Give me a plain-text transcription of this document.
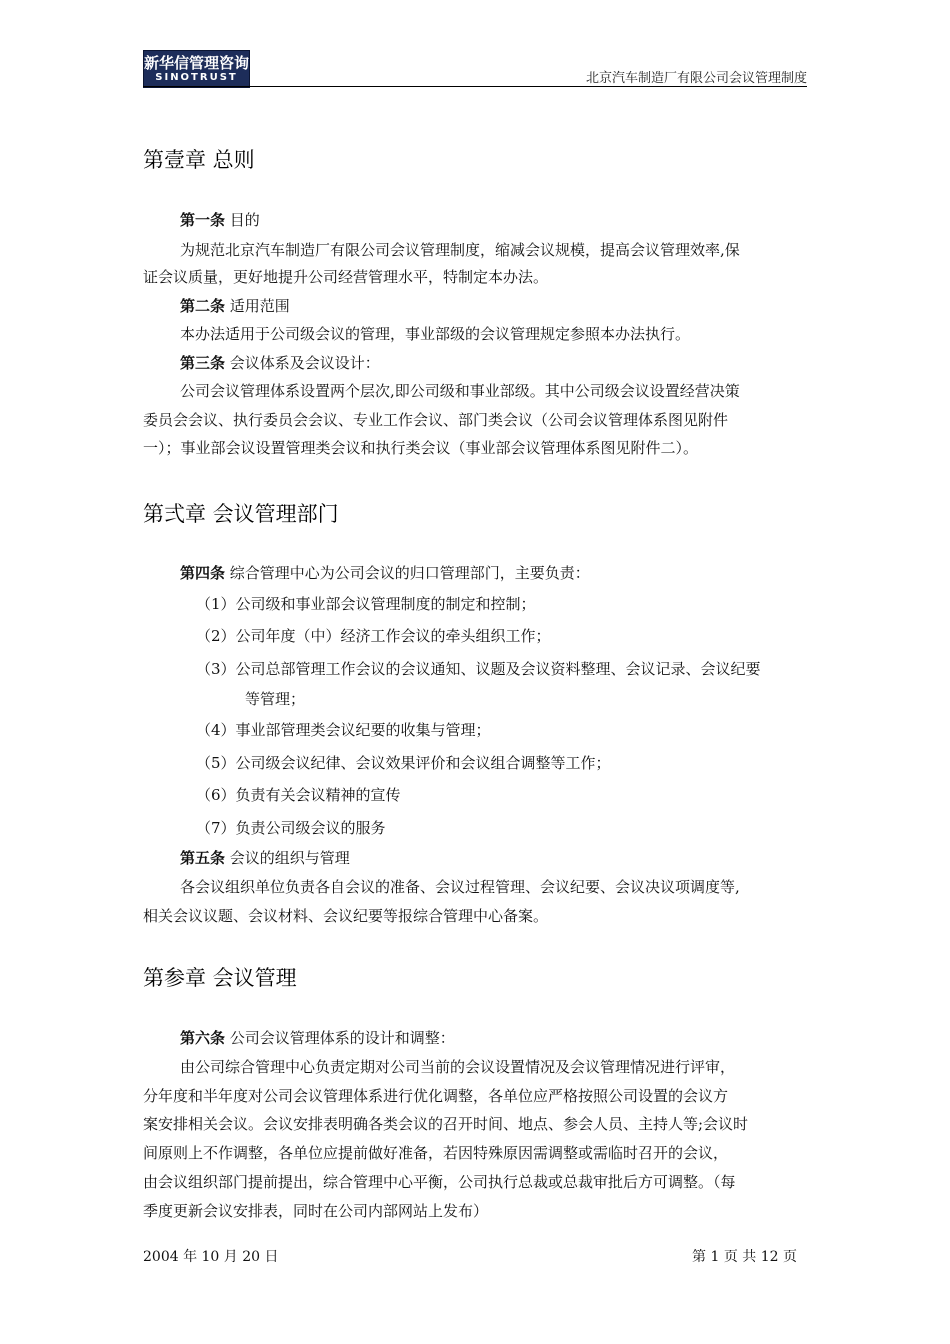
新华信管理咨询
SINOTRUST	北京汽车制造厂有限公司会议管理制度
第壹章 总则
第一条 目的
为规范北京汽车制造厂有限公司会议管理制度，缩减会议规模，提高会议管理效率,保
证会议质量，更好地提升公司经营管理水平，特制定本办法。
第二条 适用范围
本办法适用于公司级会议的管理，事业部级的会议管理规定参照本办法执行。
第三条 会议体系及会议设计：
公司会议管理体系设置两个层次,即公司级和事业部级。其中公司级会议设置经营决策
委员会会议、执行委员会会议、专业工作会议、部门类会议（公司会议管理体系图见附件
一）；事业部会议设置管理类会议和执行类会议（事业部会议管理体系图见附件二）。
第弍章 会议管理部门
第四条 综合管理中心为公司会议的归口管理部门，主要负责：
（1）公司级和事业部会议管理制度的制定和控制；
（2）公司年度（中）经济工作会议的牵头组织工作；
（3）公司总部管理工作会议的会议通知、议题及会议资料整理、会议记录、会议纪要
等管理；
（4）事业部管理类会议纪要的收集与管理；
（5）公司级会议纪律、会议效果评价和会议组合调整等工作；
（6）负责有关会议精神的宣传
（7）负责公司级会议的服务
第五条 会议的组织与管理
各会议组织单位负责各自会议的准备、会议过程管理、会议纪要、会议决议项调度等,
相关会议议题、会议材料、会议纪要等报综合管理中心备案。
第参章 会议管理
第六条 公司会议管理体系的设计和调整：
由公司综合管理中心负责定期对公司当前的会议设置情况及会议管理情况进行评审，
分年度和半年度对公司会议管理体系进行优化调整，各单位应严格按照公司设置的会议方
案安排相关会议。会议安排表明确各类会议的召开时间、地点、参会人员、主持人等;会议时
间原则上不作调整，各单位应提前做好准备，若因特殊原因需调整或需临时召开的会议，
由会议组织部门提前提出，综合管理中心平衡，公司执行总裁或总裁审批后方可调整。（每
季度更新会议安排表，同时在公司内部网站上发布）
2004 年 10 月 20 日	第 1 页 共 12 页
